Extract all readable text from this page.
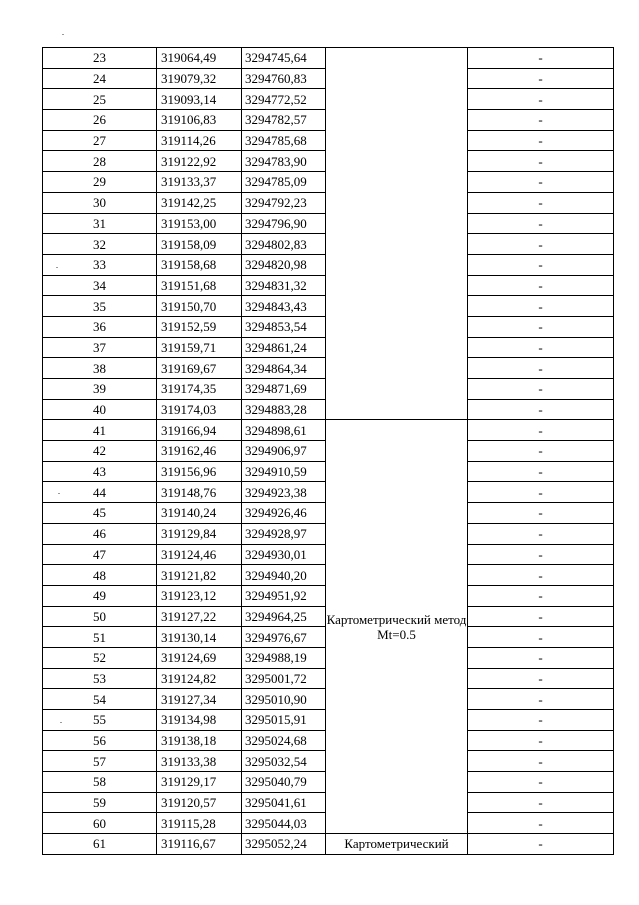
23	319064,49	3294745,64		-
24	319079,32	3294760,83		-
25	319093,14	3294772,52		-
26	319106,83	3294782,57		-
27	319114,26	3294785,68		-
28	319122,92	3294783,90		-
29	319133,37	3294785,09		-
30	319142,25	3294792,23		-
31	319153,00	3294796,90		-
32	319158,09	3294802,83		-
33	319158,68	3294820,98		-
34	319151,68	3294831,32		-
35	319150,70	3294843,43		-
36	319152,59	3294853,54		-
37	319159,71	3294861,24		-
38	319169,67	3294864,34		-
39	319174,35	3294871,69		-
40	319174,03	3294883,28		-
41	319166,94	3294898,61	Картометрический метод Mt=0.5	-
42	319162,46	3294906,97		-
43	319156,96	3294910,59		-
44	319148,76	3294923,38		-
45	319140,24	3294926,46		-
46	319129,84	3294928,97		-
47	319124,46	3294930,01		-
48	319121,82	3294940,20		-
49	319123,12	3294951,92		-
50	319127,22	3294964,25		-
51	319130,14	3294976,67		-
52	319124,69	3294988,19		-
53	319124,82	3295001,72		-
54	319127,34	3295010,90		-
55	319134,98	3295015,91		-
56	319138,18	3295024,68		-
57	319133,38	3295032,54		-
58	319129,17	3295040,79		-
59	319120,57	3295041,61		-
60	319115,28	3295044,03		-
61	319116,67	3295052,24	Картометрический	-
